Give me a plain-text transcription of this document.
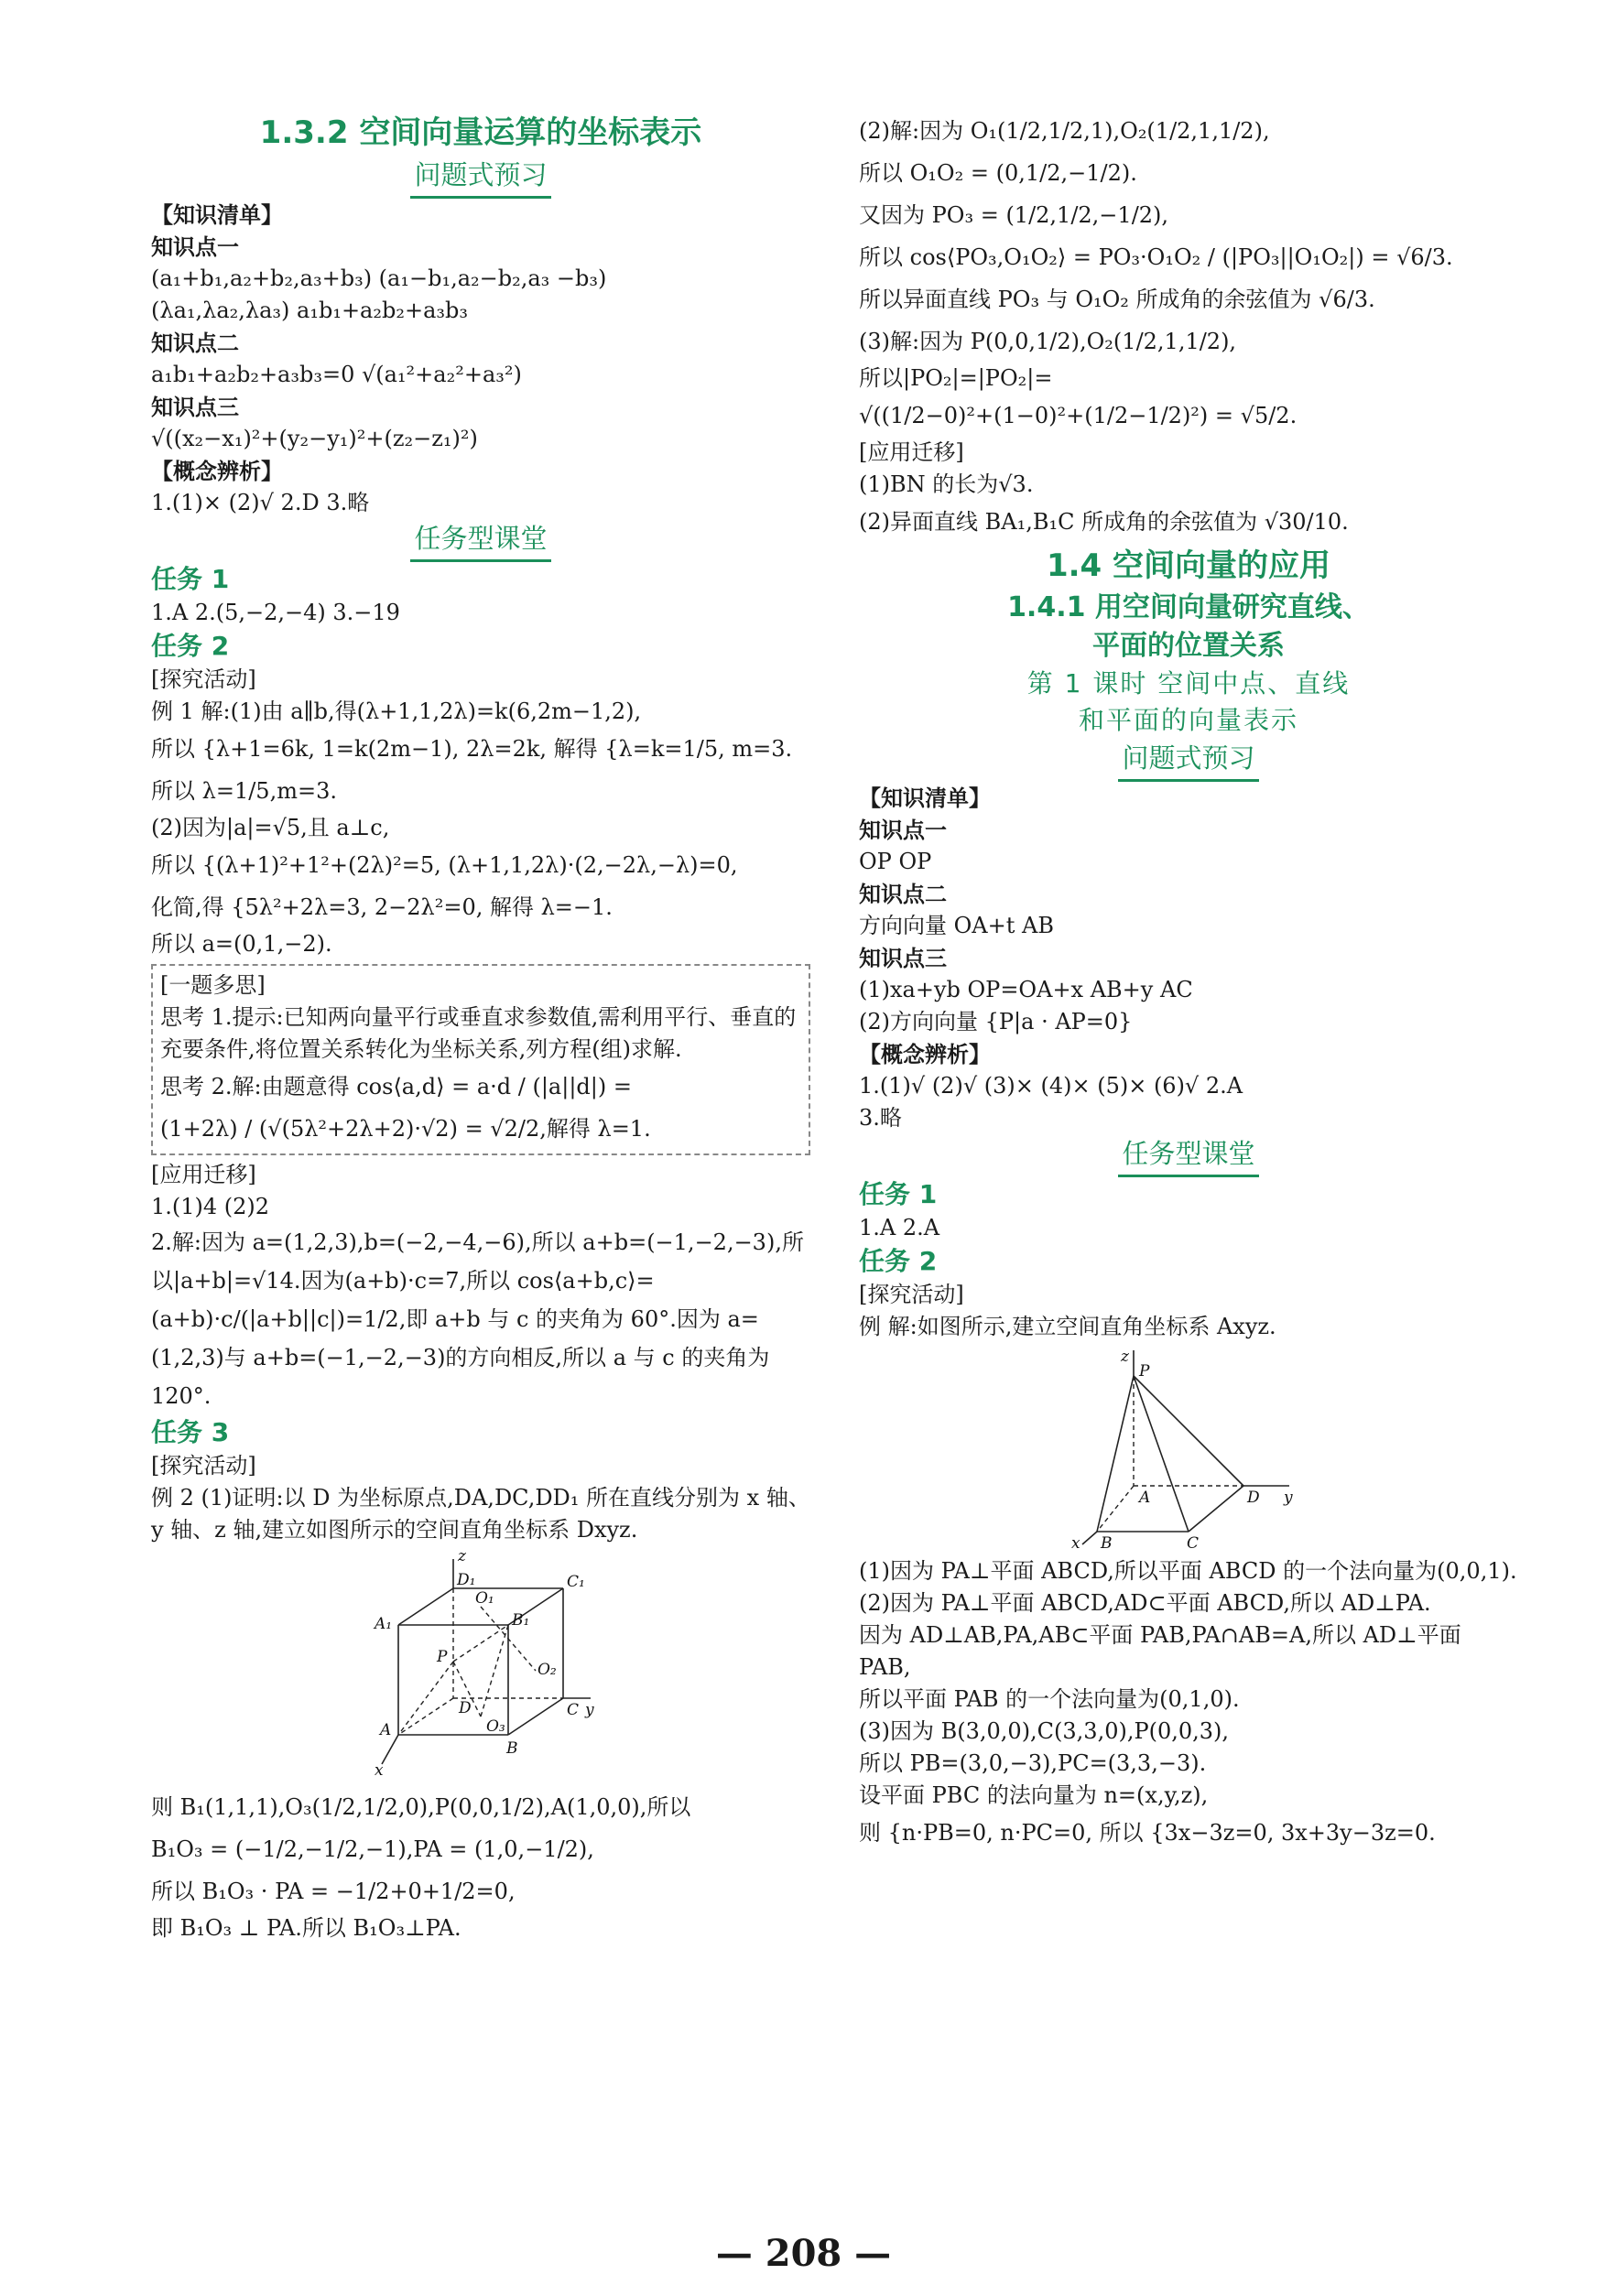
1.3.2 空间向量运算的坐标表示
问题式预习
【知识清单】
知识点一
(a₁+b₁,a₂+b₂,a₃+b₃) (a₁−b₁,a₂−b₂,a₃ −b₃)
(λa₁,λa₂,λa₃) a₁b₁+a₂b₂+a₃b₃
知识点二
a₁b₁+a₂b₂+a₃b₃=0 √(a₁²+a₂²+a₃²)
知识点三
√((x₂−x₁)²+(y₂−y₁)²+(z₂−z₁)²)
【概念辨析】
1.(1)× (2)√ 2.D 3.略
任务型课堂
任务 1
1.A 2.(5,−2,−4) 3.−19
任务 2
[探究活动]
例 1 解:(1)由 a∥b,得(λ+1,1,2λ)=k(6,2m−1,2),
所以 {λ+1=6k, 1=k(2m−1), 2λ=2k, 解得 {λ=k=1/5, m=3.
所以 λ=1/5,m=3.
(2)因为|a|=√5,且 a⊥c,
所以 {(λ+1)²+1²+(2λ)²=5, (λ+1,1,2λ)·(2,−2λ,−λ)=0,
化简,得 {5λ²+2λ=3, 2−2λ²=0, 解得 λ=−1.
所以 a=(0,1,−2).
[一题多思]
思考 1.提示:已知两向量平行或垂直求参数值,需利用平行、垂直的充要条件,将位置关系转化为坐标关系,列方程(组)求解.
思考 2.解:由题意得 cos⟨a,d⟩ = a·d / (|a||d|) =
(1+2λ) / (√(5λ²+2λ+2)·√2) = √2/2,解得 λ=1.
[应用迁移]
1.(1)4 (2)2
2.解:因为 a=(1,2,3),b=(−2,−4,−6),所以 a+b=(−1,−2,−3),所以|a+b|=√14.因为(a+b)·c=7,所以 cos⟨a+b,c⟩=(a+b)·c/(|a+b||c|)=1/2,即 a+b 与 c 的夹角为 60°.因为 a=(1,2,3)与 a+b=(−1,−2,−3)的方向相反,所以 a 与 c 的夹角为 120°.
任务 3
[探究活动]
例 2 (1)证明:以 D 为坐标原点,DA,DC,DD₁ 所在直线分别为 x 轴、y 轴、z 轴,建立如图所示的空间直角坐标系 Dxyz.
z
D₁	C₁
A₁
O₁
B₁
P
O₂
D
A	O₃
C y
B
x
则 B₁(1,1,1),O₃(1/2,1/2,0),P(0,0,1/2),A(1,0,0),所以
B₁O₃ = (−1/2,−1/2,−1),PA = (1,0,−1/2),
所以 B₁O₃ · PA = −1/2+0+1/2=0,
即 B₁O₃ ⊥ PA.所以 B₁O₃⊥PA.
(2)解:因为 O₁(1/2,1/2,1),O₂(1/2,1,1/2),
所以 O₁O₂ = (0,1/2,−1/2).
又因为 PO₃ = (1/2,1/2,−1/2),
所以 cos⟨PO₃,O₁O₂⟩ = PO₃·O₁O₂ / (|PO₃||O₁O₂|) = √6/3.
所以异面直线 PO₃ 与 O₁O₂ 所成角的余弦值为 √6/3.
(3)解:因为 P(0,0,1/2),O₂(1/2,1,1/2),
所以|PO₂|=|PO₂|=
√((1/2−0)²+(1−0)²+(1/2−1/2)²) = √5/2.
[应用迁移]
(1)BN 的长为√3.
(2)异面直线 BA₁,B₁C 所成角的余弦值为 √30/10.
1.4 空间向量的应用
1.4.1 用空间向量研究直线、
平面的位置关系
第 1 课时 空间中点、直线
和平面的向量表示
问题式预习
【知识清单】
知识点一
OP OP
知识点二
方向向量 OA+t AB
知识点三
(1)xa+yb OP=OA+x AB+y AC
(2)方向向量 {P|a · AP=0}
【概念辨析】
1.(1)√ (2)√ (3)× (4)× (5)× (6)√ 2.A
3.略
任务型课堂
任务 1
1.A 2.A
任务 2
[探究活动]
例 解:如图所示,建立空间直角坐标系 Axyz.
z
P
A	D y
x B	C
(1)因为 PA⊥平面 ABCD,所以平面 ABCD 的一个法向量为(0,0,1).
(2)因为 PA⊥平面 ABCD,AD⊂平面 ABCD,所以 AD⊥PA.
因为 AD⊥AB,PA,AB⊂平面 PAB,PA∩AB=A,所以 AD⊥平面 PAB,
所以平面 PAB 的一个法向量为(0,1,0).
(3)因为 B(3,0,0),C(3,3,0),P(0,0,3),
所以 PB=(3,0,−3),PC=(3,3,−3).
设平面 PBC 的法向量为 n=(x,y,z),
则 {n·PB=0, n·PC=0, 所以 {3x−3z=0, 3x+3y−3z=0.
— 208 —
